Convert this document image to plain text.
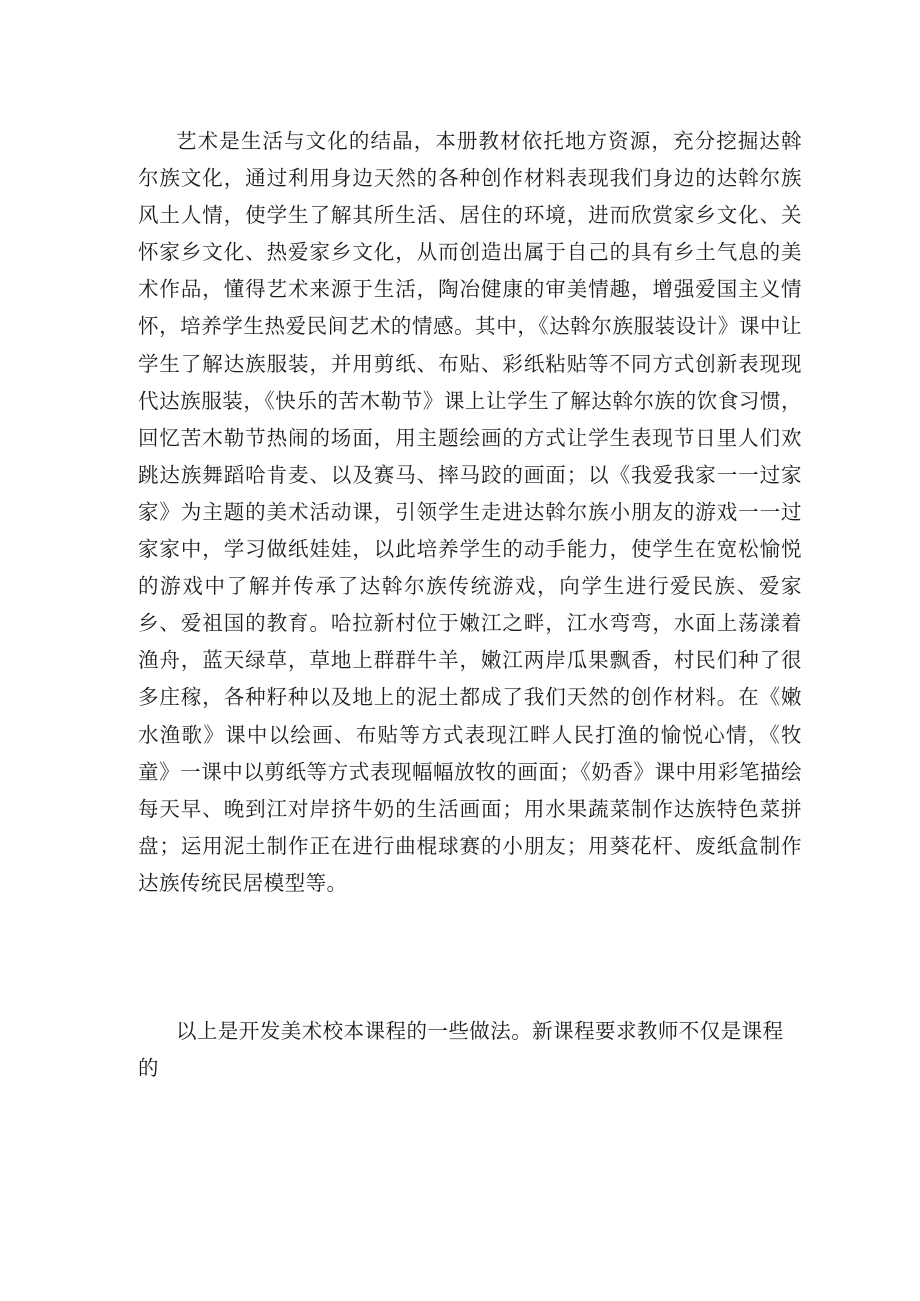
艺术是生活与文化的结晶，本册教材依托地方资源，充分挖掘达斡尔族文化，通过利用身边天然的各种创作材料表现我们身边的达斡尔族风土人情，使学生了解其所生活、居住的环境，进而欣赏家乡文化、关怀家乡文化、热爱家乡文化，从而创造出属于自己的具有乡土气息的美术作品，懂得艺术来源于生活，陶冶健康的审美情趣，增强爱国主义情怀，培养学生热爱民间艺术的情感。其中，《达斡尔族服装设计》课中让学生了解达族服装，并用剪纸、布贴、彩纸粘贴等不同方式创新表现现代达族服装，《快乐的苦木勒节》课上让学生了解达斡尔族的饮食习惯，回忆苦木勒节热闹的场面，用主题绘画的方式让学生表现节日里人们欢跳达族舞蹈哈肯麦、以及赛马、摔马跤的画面；以《我爱我家一一过家家》为主题的美术活动课，引领学生走进达斡尔族小朋友的游戏一一过家家中，学习做纸娃娃，以此培养学生的动手能力，使学生在宽松愉悦的游戏中了解并传承了达斡尔族传统游戏，向学生进行爱民族、爱家乡、爱祖国的教育。哈拉新村位于嫩江之畔，江水弯弯，水面上荡漾着渔舟，蓝天绿草，草地上群群牛羊，嫩江两岸瓜果飘香，村民们种了很多庄稼，各种籽种以及地上的泥土都成了我们天然的创作材料。在《嫩水渔歌》课中以绘画、布贴等方式表现江畔人民打渔的愉悦心情，《牧童》一课中以剪纸等方式表现幅幅放牧的画面；《奶香》课中用彩笔描绘每天早、晚到江对岸挤牛奶的生活画面；用水果蔬菜制作达族特色菜拼盘；运用泥土制作正在进行曲棍球赛的小朋友；用葵花杆、废纸盒制作达族传统民居模型等。

以上是开发美术校本课程的一些做法。新课程要求教师不仅是课程的
